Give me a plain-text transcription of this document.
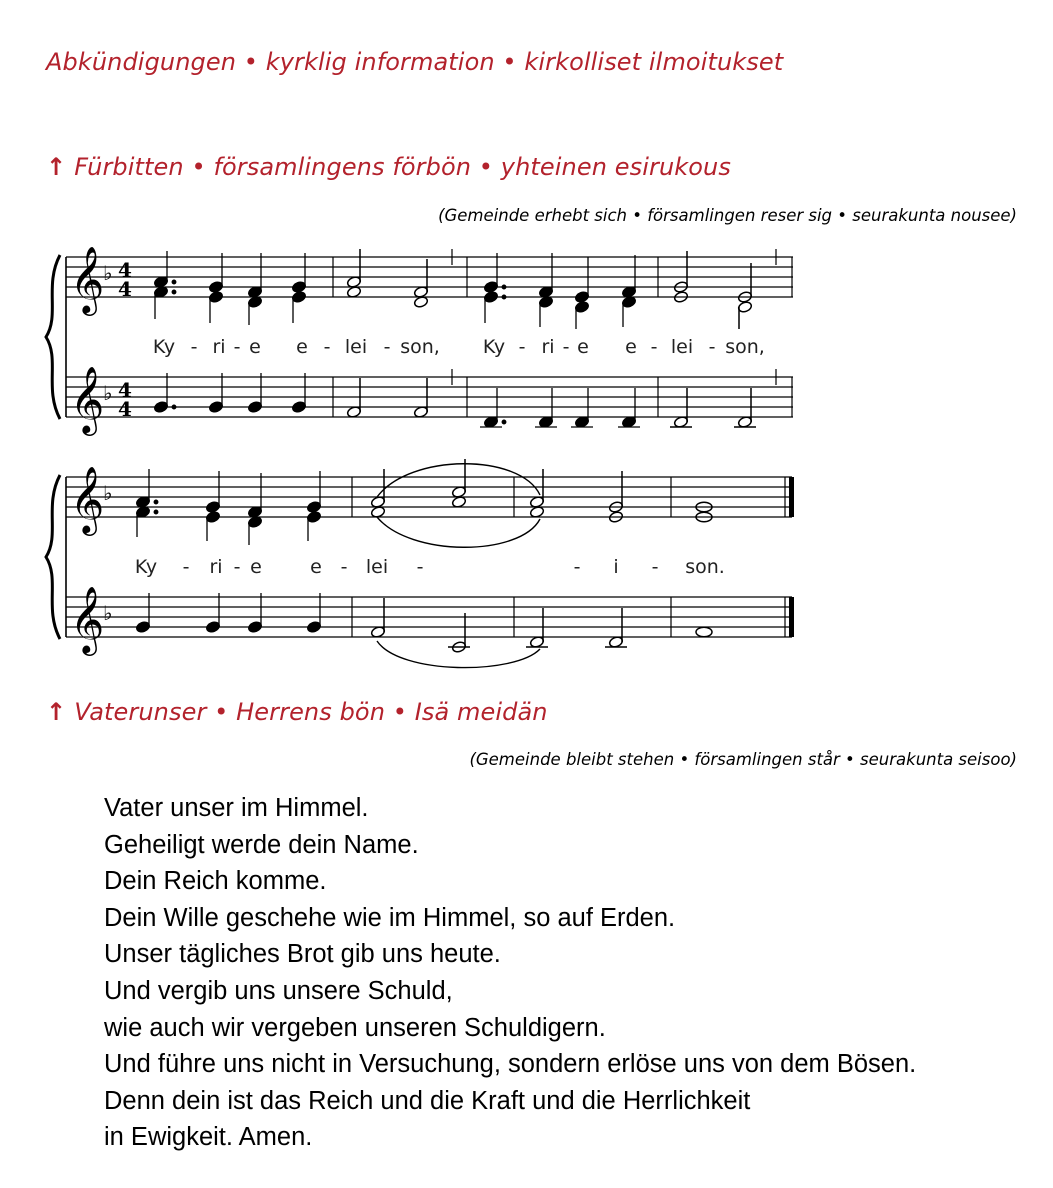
Abkündigungen • kyrklig information • kirkolliset ilmoitukset
↑ Fürbitten • församlingens förbön • yhteinen esirukous
(Gemeinde erhebt sich • församlingen reser sig • seurakunta nousee)
𝄞
𝄞
♭
♭
4
4
4
4
Ky - ri - e e - lei - son, Ky - ri - e e - lei - son,
𝄞
𝄞
♭
♭
Ky - ri - e	e - lei -	- i - son.
↑ Vaterunser • Herrens bön • Isä meidän
(Gemeinde bleibt stehen • församlingen står • seurakunta seisoo)
Vater unser im Himmel.
Geheiligt werde dein Name.
Dein Reich komme.
Dein Wille geschehe wie im Himmel, so auf Erden.
Unser tägliches Brot gib uns heute.
Und vergib uns unsere Schuld,
wie auch wir vergeben unseren Schuldigern.
Und führe uns nicht in Versuchung, sondern erlöse uns von dem Bösen.
Denn dein ist das Reich und die Kraft und die Herrlichkeit
in Ewigkeit. Amen.
